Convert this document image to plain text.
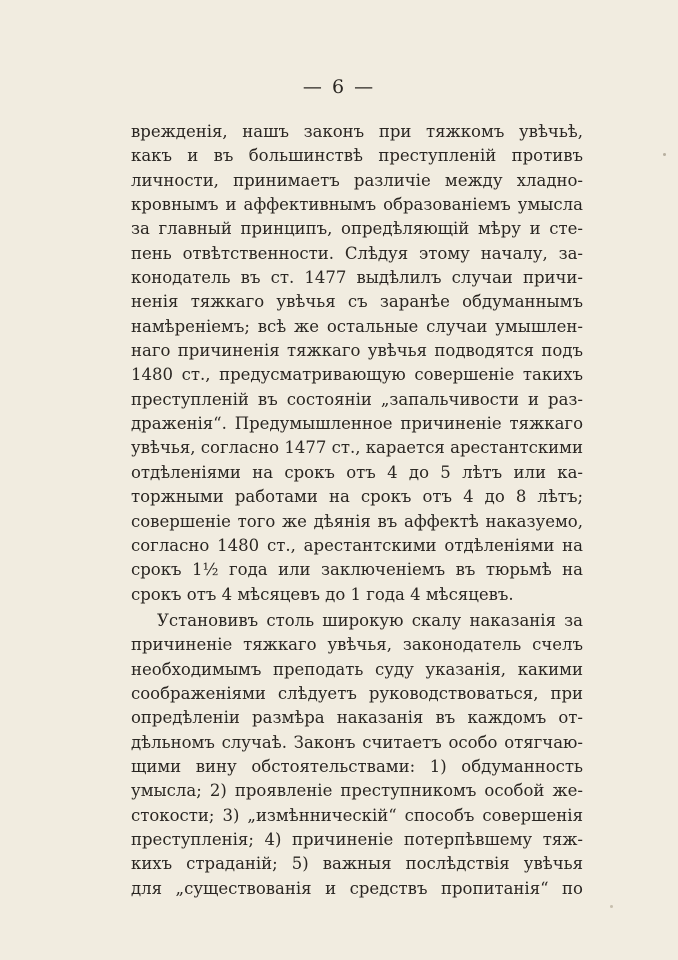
— 6 —
врежденія, нашъ законъ при тяжкомъ увѣчьѣ,
какъ и въ большинствѣ преступленій противъ
личности, принимаетъ различіе между хладно-
кровнымъ и аффективнымъ образованіемъ умысла
за главный принципъ, опредѣляющій мѣру и сте-
пень отвѣтственности. Слѣдуя этому началу, за-
конодатель въ ст. 1477 выдѣлилъ случаи причи-
ненія тяжкаго увѣчья съ заранѣе обдуманнымъ
намѣреніемъ; всѣ же остальные случаи умышлен-
наго причиненія тяжкаго увѣчья подводятся подъ
1480 ст., предусматривающую совершеніе такихъ
преступленій въ состояніи „запальчивости и раз-
драженія“. Предумышленное причиненіе тяжкаго
увѣчья, согласно 1477 ст., карается арестантскими
отдѣленіями на срокъ отъ 4 до 5 лѣтъ или ка-
торжными работами на срокъ отъ 4 до 8 лѣтъ;
совершеніе того же дѣянія въ аффектѣ наказуемо,
согласно 1480 ст., арестантскими отдѣленіями на
срокъ 1½ года или заключеніемъ въ тюрьмѣ на
срокъ отъ 4 мѣсяцевъ до 1 года 4 мѣсяцевъ.
Установивъ столь широкую скалу наказанія за
причиненіе тяжкаго увѣчья, законодатель счелъ
необходимымъ преподать суду указанія, какими
соображеніями слѣдуетъ руководствоваться, при
опредѣленіи размѣра наказанія въ каждомъ от-
дѣльномъ случаѣ. Законъ считаетъ особо отягчаю-
щими вину обстоятельствами: 1) обдуманность
умысла; 2) проявленіе преступникомъ особой же-
стокости; 3) „измѣнническій“ способъ совершенія
преступленія; 4) причиненіе потерпѣвшему тяж-
кихъ страданій; 5) важныя послѣдствія увѣчья
для „существованія и средствъ пропитанія“ по
